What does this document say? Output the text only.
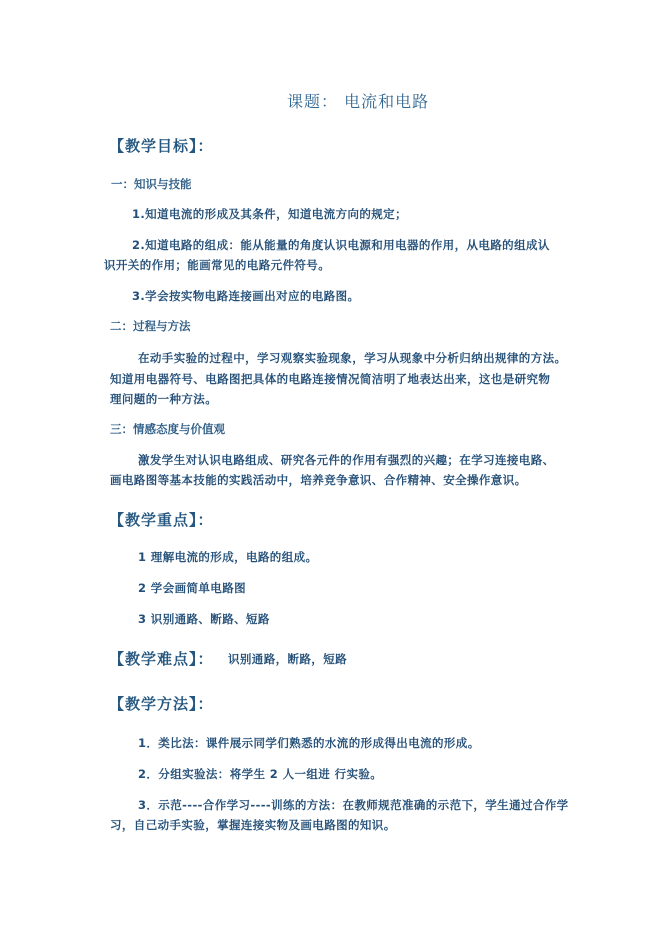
课题： 电流和电路
【教学目标】：
一：知识与技能
1.知道电流的形成及其条件，知道电流方向的规定；
2.知道电路的组成：能从能量的角度认识电源和用电器的作用，从电路的组成认
识开关的作用；能画常见的电路元件符号。
3.学会按实物电路连接画出对应的电路图。
二：过程与方法
在动手实验的过程中，学习观察实验现象，学习从现象中分析归纳出规律的方法。
知道用电器符号、电路图把具体的电路连接情况简洁明了地表达出来，这也是研究物
理问题的一种方法。
三：情感态度与价值观
激发学生对认识电路组成、研究各元件的作用有强烈的兴趣；在学习连接电路、
画电路图等基本技能的实践活动中，培养竞争意识、合作精神、安全操作意识。
【教学重点】：
1 理解电流的形成，电路的组成。
2 学会画简单电路图
3 识别通路、断路、短路
【教学难点】： 识别通路，断路，短路
【教学方法】：
1．类比法：课件展示同学们熟悉的水流的形成得出电流的形成。
2．分组实验法：将学生 2 人一组进 行实验。
3．示范----合作学习----训练的方法：在教师规范准确的示范下，学生通过合作学
习，自己动手实验，掌握连接实物及画电路图的知识。
